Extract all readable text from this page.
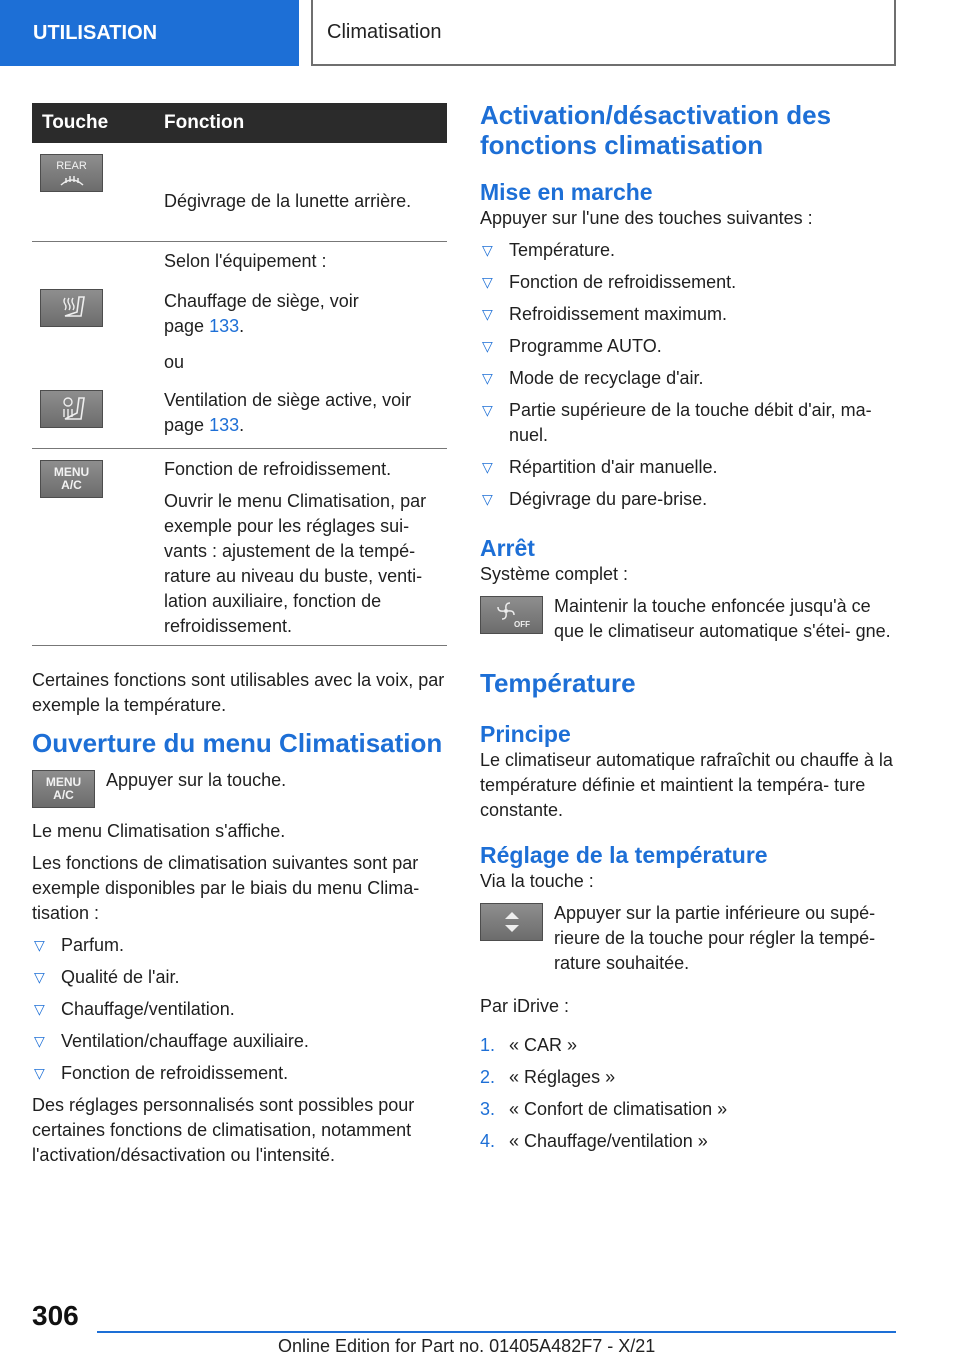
UTILISATION	Climatisation
Touche	Fonction
REAR
Dégivrage de la lunette arrière.
Selon l'équipement :
Chauffage de siège, voir
page 133.
ou
Ventilation de siège active, voir
page 133.
MENU
A/C
Fonction de refroidissement.
Ouvrir le menu Climatisation, par exemple pour les réglages sui- vants : ajustement de la tempé- rature au niveau du buste, venti- lation auxiliaire, fonction de refroidissement.

Certaines fonctions sont utilisables avec la voix, par exemple la température.

Ouverture du menu Climatisation
MENU
A/C
Appuyer sur la touche.

Le menu Climatisation s'affiche.

Les fonctions de climatisation suivantes sont par exemple disponibles par le biais du menu Clima- tisation :

▽ Parfum.
▽ Qualité de l'air.
▽ Chauffage/ventilation.
▽ Ventilation/chauffage auxiliaire.
▽ Fonction de refroidissement.

Des réglages personnalisés sont possibles pour certaines fonctions de climatisation, notamment l'activation/désactivation ou l'intensité.

Activation/désactivation des fonctions climatisation
Mise en marche

Appuyer sur l'une des touches suivantes :

▽ Température.
▽ Fonction de refroidissement.
▽ Refroidissement maximum.
▽ Programme AUTO.
▽ Mode de recyclage d'air.
▽ Partie supérieure de la touche débit d'air, ma- nuel.
▽ Répartition d'air manuelle.
▽ Dégivrage du pare-brise.
Arrêt

Système complet :

OFF
Maintenir la touche enfoncée jusqu'à ce que le climatiseur automatique s'étei- gne.
Température
Principe

Le climatiseur automatique rafraîchit ou chauffe à la température définie et maintient la tempéra- ture constante.

Réglage de la température

Via la touche :

Appuyer sur la partie inférieure ou supé- rieure de la touche pour régler la tempé- rature souhaitée.

Par iDrive :

1. « CAR »
2. « Réglages »
3. « Confort de climatisation »
4. « Chauffage/ventilation »
306
Online Edition for Part no. 01405A482F7 - X/21
